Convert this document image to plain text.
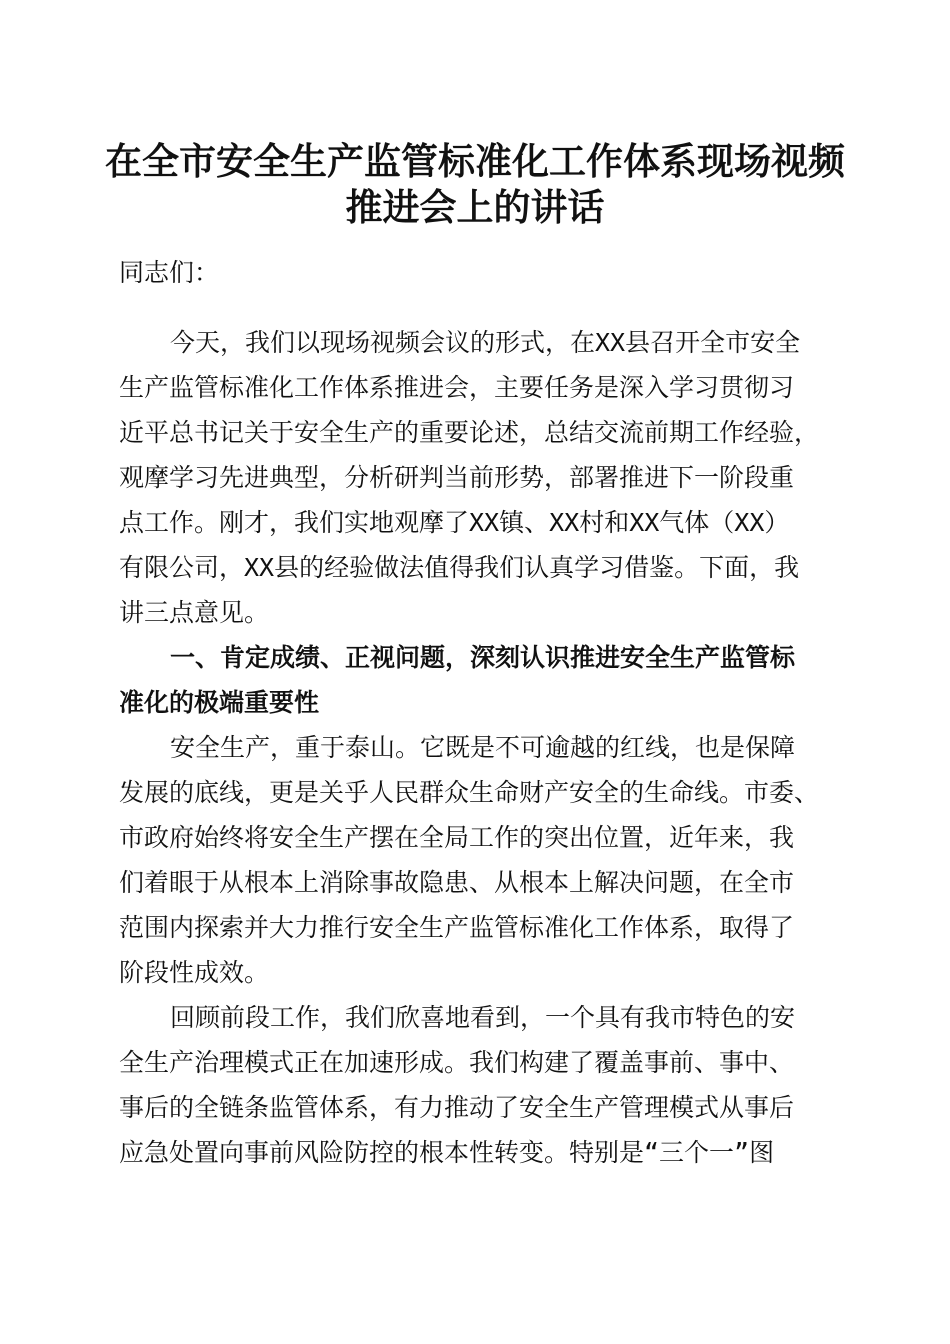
在全市安全生产监管标准化工作体系现场视频
推进会上的讲话
同志们：
今天，我们以现场视频会议的形式，在XX县召开全市安全
生产监管标准化工作体系推进会，主要任务是深入学习贯彻习
近平总书记关于安全生产的重要论述，总结交流前期工作经验，
观摩学习先进典型，分析研判当前形势，部署推进下一阶段重
点工作。刚才，我们实地观摩了XX镇、XX村和XX气体（XX）
有限公司，XX县的经验做法值得我们认真学习借鉴。下面，我
讲三点意见。
一、肯定成绩、正视问题，深刻认识推进安全生产监管标
准化的极端重要性
安全生产，重于泰山。它既是不可逾越的红线，也是保障
发展的底线，更是关乎人民群众生命财产安全的生命线。市委、
市政府始终将安全生产摆在全局工作的突出位置，近年来，我
们着眼于从根本上消除事故隐患、从根本上解决问题，在全市
范围内探索并大力推行安全生产监管标准化工作体系，取得了
阶段性成效。
回顾前段工作，我们欣喜地看到，一个具有我市特色的安
全生产治理模式正在加速形成。我们构建了覆盖事前、事中、
事后的全链条监管体系，有力推动了安全生产管理模式从事后
应急处置向事前风险防控的根本性转变。特别是“三个一”图
